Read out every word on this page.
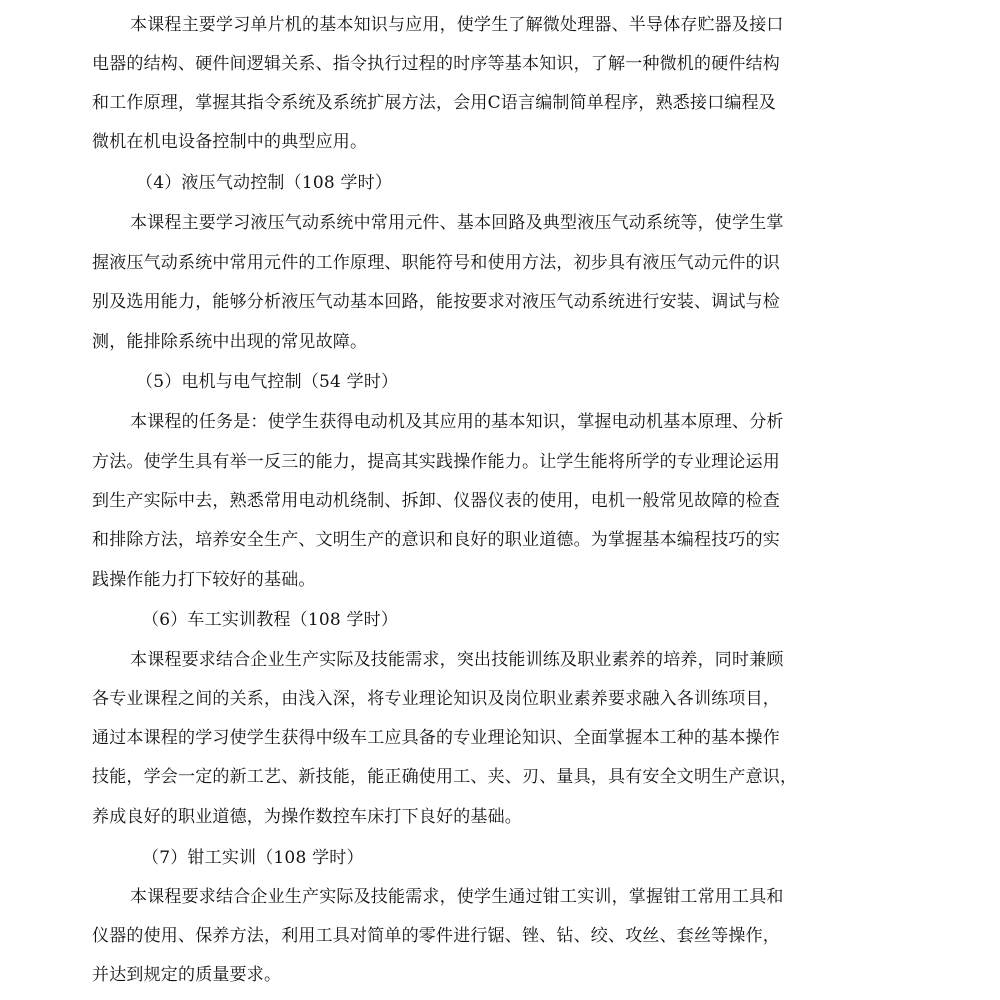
本课程主要学习单片机的基本知识与应用，使学生了解微处理器、半导体存贮器及接口
电器的结构、硬件间逻辑关系、指令执行过程的时序等基本知识，了解一种微机的硬件结构
和工作原理，掌握其指令系统及系统扩展方法，会用C语言编制简单程序，熟悉接口编程及
微机在机电设备控制中的典型应用。
（4）液压气动控制（108 学时）
本课程主要学习液压气动系统中常用元件、基本回路及典型液压气动系统等，使学生掌
握液压气动系统中常用元件的工作原理、职能符号和使用方法，初步具有液压气动元件的识
别及选用能力，能够分析液压气动基本回路，能按要求对液压气动系统进行安装、调试与检
测，能排除系统中出现的常见故障。
（5）电机与电气控制（54 学时）
本课程的任务是：使学生获得电动机及其应用的基本知识，掌握电动机基本原理、分析
方法。使学生具有举一反三的能力，提高其实践操作能力。让学生能将所学的专业理论运用
到生产实际中去，熟悉常用电动机绕制、拆卸、仪器仪表的使用，电机一般常见故障的检查
和排除方法，培养安全生产、文明生产的意识和良好的职业道德。为掌握基本编程技巧的实
践操作能力打下较好的基础。
（6）车工实训教程（108 学时）
本课程要求结合企业生产实际及技能需求，突出技能训练及职业素养的培养，同时兼顾
各专业课程之间的关系，由浅入深，将专业理论知识及岗位职业素养要求融入各训练项目，
通过本课程的学习使学生获得中级车工应具备的专业理论知识、全面掌握本工种的基本操作
技能，学会一定的新工艺、新技能，能正确使用工、夹、刃、量具，具有安全文明生产意识，
养成良好的职业道德，为操作数控车床打下良好的基础。
（7）钳工实训（108 学时）
本课程要求结合企业生产实际及技能需求，使学生通过钳工实训，掌握钳工常用工具和
仪器的使用、保养方法，利用工具对简单的零件进行锯、锉、钻、绞、攻丝、套丝等操作，
并达到规定的质量要求。
